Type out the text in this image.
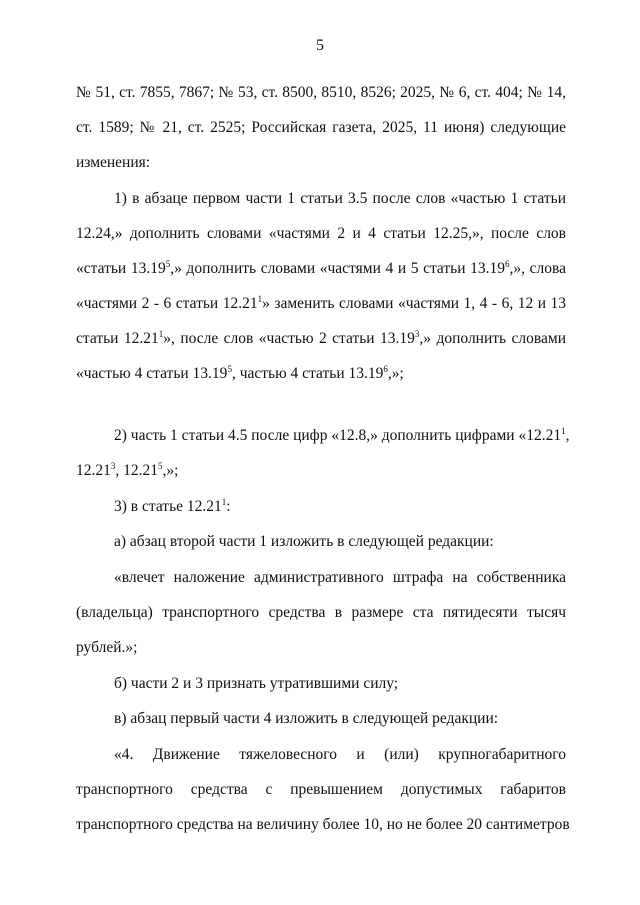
5
№ 51, ст. 7855, 7867; № 53, ст. 8500, 8510, 8526; 2025, № 6, ст. 404; № 14,
ст. 1589; № 21, ст. 2525; Российская газета, 2025, 11 июня) следующие
изменения:
1) в абзаце первом части 1 статьи 3.5 после слов «частью 1 статьи
12.24,» дополнить словами «частями 2 и 4 статьи 12.25,», после слов
«статьи 13.19$^5$,» дополнить словами «частями 4 и 5 статьи 13.19$^6$,», слова
«частями 2 - 6 статьи 12.21$^1$» заменить словами «частями 1, 4 - 6, 12 и 13
статьи 12.21$^1$», после слов «частью 2 статьи 13.19$^3$,» дополнить словами
«частью 4 статьи 13.19$^5$, частью 4 статьи 13.19$^6$,»;
2) часть 1 статьи 4.5 после цифр «12.8,» дополнить цифрами «12.21$^1$,
12.21$^3$, 12.21$^5$,»;
3) в статье 12.21$^1$:
а) абзац второй части 1 изложить в следующей редакции:
«влечет наложение административного штрафа на собственника
(владельца) транспортного средства в размере ста пятидесяти тысяч
рублей.»;
б) части 2 и 3 признать утратившими силу;
в) абзац первый части 4 изложить в следующей редакции:
«4. Движение тяжеловесного и (или) крупногабаритного
транспортного средства с превышением допустимых габаритов
транспортного средства на величину более 10, но не более 20 сантиметров
